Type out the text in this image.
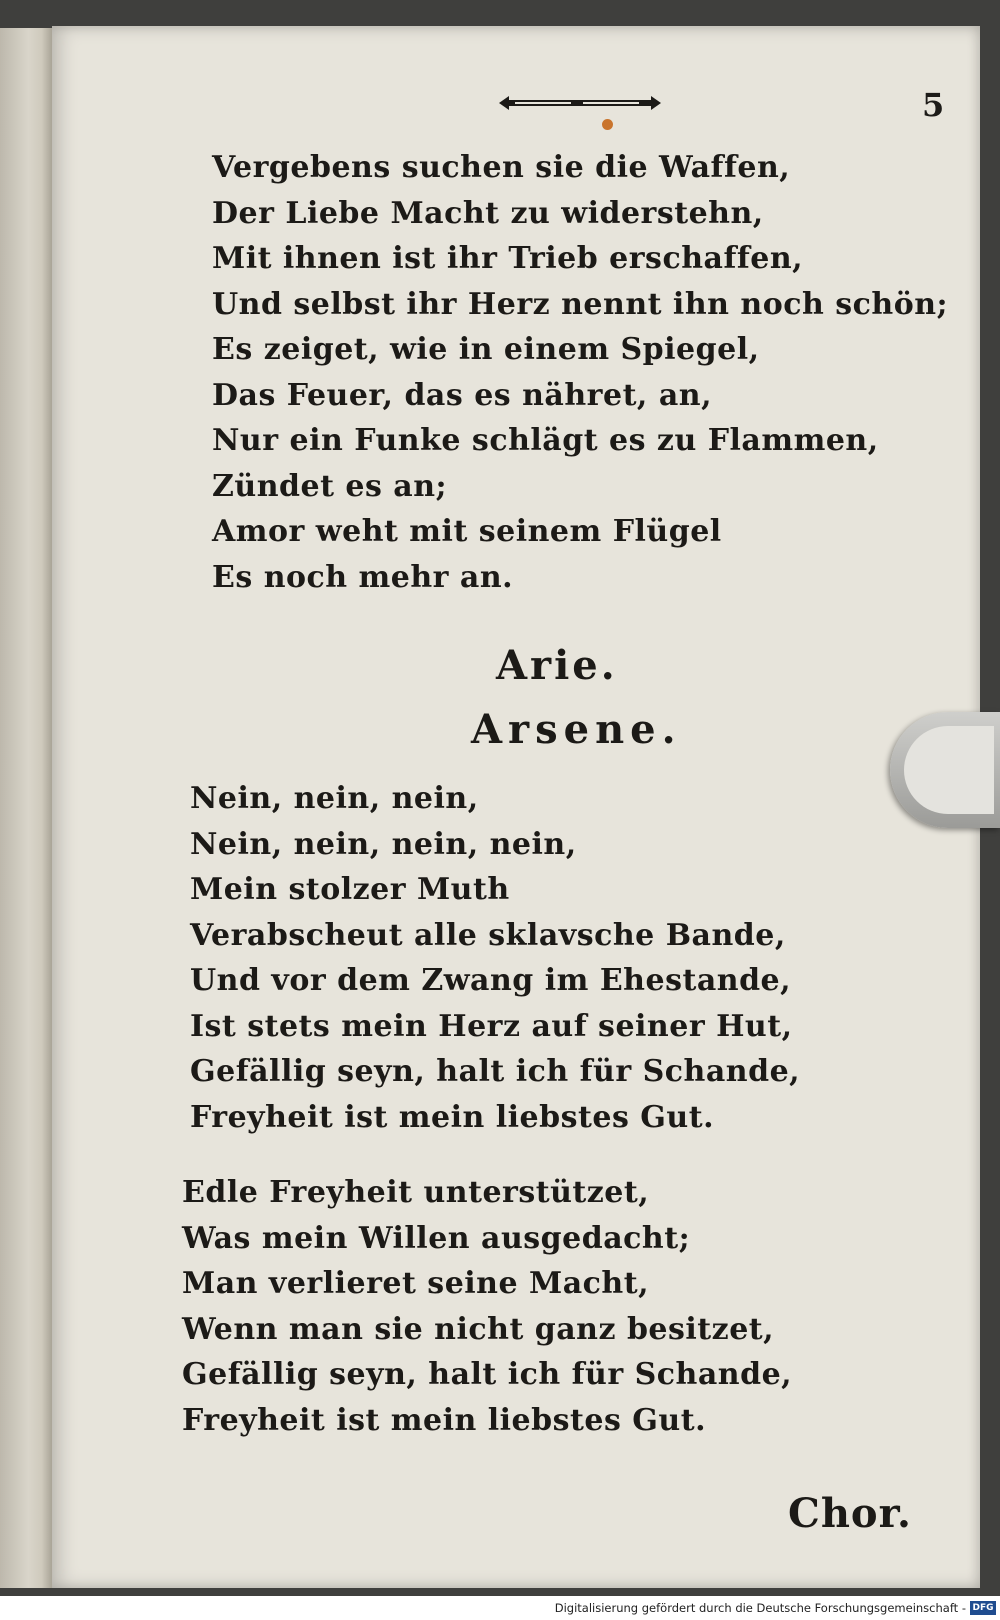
5
Vergebens suchen sie die Waffen,
Der Liebe Macht zu widerstehn,
Mit ihnen ist ihr Trieb erschaffen,
Und selbst ihr Herz nennt ihn noch schön;
Es zeiget, wie in einem Spiegel,
Das Feuer, das es nähret, an,
Nur ein Funke schlägt es zu Flammen,
Zündet es an;
Amor weht mit seinem Flügel
Es noch mehr an.
Arie.
Arsene.
Nein, nein, nein,
Nein, nein, nein, nein,
Mein stolzer Muth
Verabscheut alle sklavsche Bande,
Und vor dem Zwang im Ehestande,
Ist stets mein Herz auf seiner Hut,
Gefällig seyn, halt ich für Schande,
Freyheit ist mein liebstes Gut.
Edle Freyheit unterstützet,
Was mein Willen ausgedacht;
Man verlieret seine Macht,
Wenn man sie nicht ganz besitzet,
Gefällig seyn, halt ich für Schande,
Freyheit ist mein liebstes Gut.
Chor.
Digitalisierung gefördert durch die Deutsche Forschungsgemeinschaft - DFG
